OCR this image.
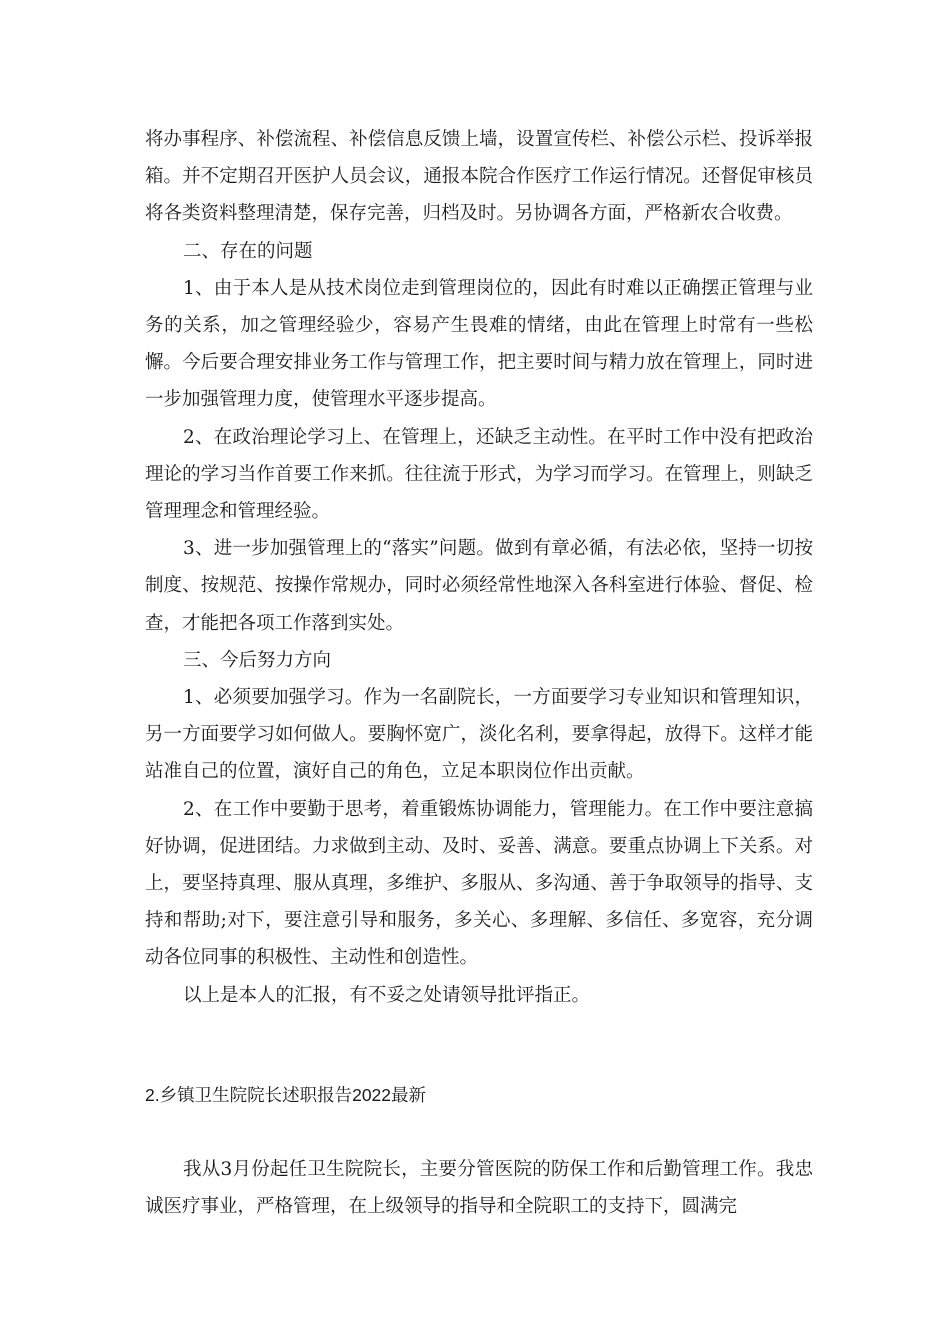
将办事程序、补偿流程、补偿信息反馈上墙，设置宣传栏、补偿公示栏、投诉举报箱。并不定期召开医护人员会议，通报本院合作医疗工作运行情况。还督促审核员将各类资料整理清楚，保存完善，归档及时。另协调各方面，严格新农合收费。

二、存在的问题

1、由于本人是从技术岗位走到管理岗位的，因此有时难以正确摆正管理与业务的关系，加之管理经验少，容易产生畏难的情绪，由此在管理上时常有一些松懈。今后要合理安排业务工作与管理工作，把主要时间与精力放在管理上，同时进一步加强管理力度，使管理水平逐步提高。

2、在政治理论学习上、在管理上，还缺乏主动性。在平时工作中没有把政治理论的学习当作首要工作来抓。往往流于形式，为学习而学习。在管理上，则缺乏管理理念和管理经验。

3、进一步加强管理上的“落实”问题。做到有章必循，有法必依，坚持一切按制度、按规范、按操作常规办，同时必须经常性地深入各科室进行体验、督促、检查，才能把各项工作落到实处。

三、今后努力方向

1、必须要加强学习。作为一名副院长，一方面要学习专业知识和管理知识，另一方面要学习如何做人。要胸怀宽广，淡化名利，要拿得起，放得下。这样才能站准自己的位置，演好自己的角色，立足本职岗位作出贡献。

2、在工作中要勤于思考，着重锻炼协调能力，管理能力。在工作中要注意搞好协调，促进团结。力求做到主动、及时、妥善、满意。要重点协调上下关系。对上，要坚持真理、服从真理，多维护、多服从、多沟通、善于争取领导的指导、支持和帮助;对下，要注意引导和服务，多关心、多理解、多信任、多宽容，充分调动各位同事的积极性、主动性和创造性。

以上是本人的汇报，有不妥之处请领导批评指正。

2.乡镇卫生院院长述职报告2022最新

我从3月份起任卫生院院长，主要分管医院的防保工作和后勤管理工作。我忠诚医疗事业，严格管理，在上级领导的指导和全院职工的支持下，圆满完
